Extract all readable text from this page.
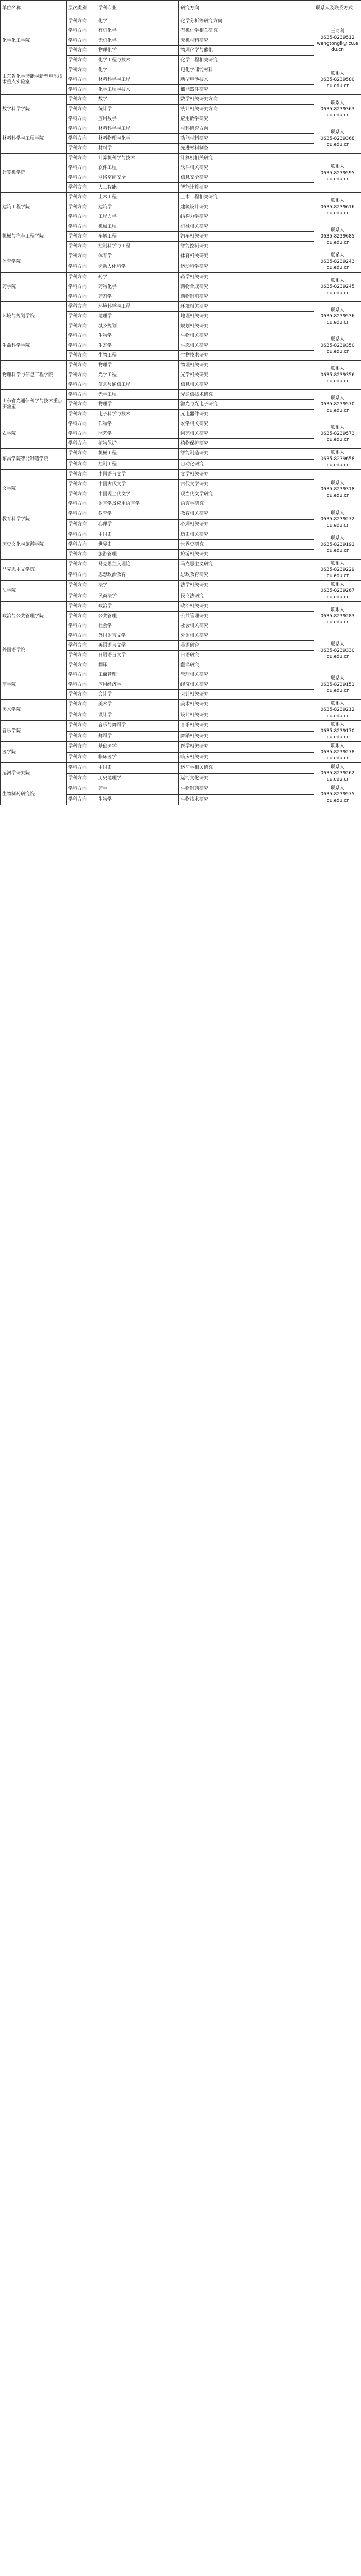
单位名称	层次类别	学科专业	研究方向	联系人及联系方式
化学化工学院	学科方向	化学	化学分析等研究方向	王同利
0635-8239512
wangtongli@lcu.edu.cn
	学科方向	有机化学	有机化学相关研究	
	学科方向	无机化学	无机材料研究	
	学科方向	物理化学	物理化学与催化	
	学科方向	化学工程与技术	化学工程相关研究	
山东省化学储能与新型电池技术重点实验室	学科方向	化学	电化学储能材料	联系人
0635-8239580
lcu.edu.cn
	学科方向	材料科学与工程	新型电池技术	
	学科方向	化学工程与技术	储能器件研究	
数学科学学院	学科方向	数学	数学相关研究方向	联系人
0635-8239363
lcu.edu.cn
	学科方向	统计学	统计相关研究方向	
	学科方向	应用数学	应用数学研究	
材料科学与工程学院	学科方向	材料科学与工程	材料研究方向	联系人
0635-8239368
lcu.edu.cn
	学科方向	材料物理与化学	功能材料研究	
	学科方向	材料学	先进材料制备	
计算机学院	学科方向	计算机科学与技术	计算机相关研究	联系人
0635-8239595
lcu.edu.cn
	学科方向	软件工程	软件相关研究	
	学科方向	网络空间安全	信息安全研究	
	学科方向	人工智能	智能计算研究	
建筑工程学院	学科方向	土木工程	土木工程相关研究	联系人
0635-8239616
lcu.edu.cn
	学科方向	建筑学	建筑设计研究	
	学科方向	工程力学	结构力学研究	
机械与汽车工程学院	学科方向	机械工程	机械相关研究	联系人
0635-8239685
lcu.edu.cn
	学科方向	车辆工程	汽车相关研究	
	学科方向	控制科学与工程	智能控制研究	
体育学院	学科方向	体育学	体育相关研究	联系人
0635-8239243
lcu.edu.cn
	学科方向	运动人体科学	运动科学研究	
药学院	学科方向	药学	药学相关研究	联系人
0635-8239245
lcu.edu.cn
	学科方向	药物化学	药物合成研究	
	学科方向	药剂学	药物制剂研究	
环境与规划学院	学科方向	环境科学与工程	环境相关研究	联系人
0635-8239536
lcu.edu.cn
	学科方向	地理学	地理相关研究	
	学科方向	城乡规划	规划相关研究	
生命科学学院	学科方向	生物学	生物相关研究	联系人
0635-8239350
lcu.edu.cn
	学科方向	生态学	生态相关研究	
	学科方向	生物工程	生物技术研究	
物理科学与信息工程学院	学科方向	物理学	物理相关研究	联系人
0635-8239356
lcu.edu.cn
	学科方向	光学工程	光学相关研究	
	学科方向	信息与通信工程	信息相关研究	
山东省光通信科学与技术重点实验室	学科方向	光学工程	光通信技术研究	联系人
0635-8239570
lcu.edu.cn
	学科方向	物理学	激光与光电子研究	
	学科方向	电子科学与技术	光电器件研究	
农学院	学科方向	作物学	农学相关研究	联系人
0635-8239573
lcu.edu.cn
	学科方向	园艺学	园艺相关研究	
	学科方向	植物保护	植物保护研究	
东昌学院智能制造学院	学科方向	机械工程	智能制造研究	联系人
0635-8239658
lcu.edu.cn
	学科方向	控制工程	自动化研究	
文学院	学科方向	中国语言文学	文学相关研究	联系人
0635-8239318
lcu.edu.cn
	学科方向	中国古代文学	古代文学研究	
	学科方向	中国现当代文学	现当代文学研究	
	学科方向	语言学及应用语言学	语言学研究	
教育科学学院	学科方向	教育学	教育相关研究	联系人
0635-8239272
lcu.edu.cn
	学科方向	心理学	心理相关研究	
历史文化与旅游学院	学科方向	中国史	历史相关研究	联系人
0635-8239191
lcu.edu.cn
	学科方向	世界史	世界史研究	
	学科方向	旅游管理	旅游相关研究	
马克思主义学院	学科方向	马克思主义理论	马克思主义研究	联系人
0635-8239229
lcu.edu.cn
	学科方向	思想政治教育	思政教育研究	
法学院	学科方向	法学	法学相关研究	联系人
0635-8239267
lcu.edu.cn
	学科方向	民商法学	民商法研究	
政治与公共管理学院	学科方向	政治学	政治相关研究	联系人
0635-8239283
lcu.edu.cn
	学科方向	公共管理	公共管理研究	
	学科方向	社会学	社会相关研究	
外国语学院	学科方向	外国语言文学	外语相关研究	联系人
0635-8239330
lcu.edu.cn
	学科方向	英语语言文学	英语研究	
	学科方向	日语语言文学	日语研究	
	学科方向	翻译	翻译研究	
商学院	学科方向	工商管理	管理相关研究	联系人
0635-8239151
lcu.edu.cn
	学科方向	应用经济学	经济相关研究	
	学科方向	会计学	会计相关研究	
美术学院	学科方向	美术学	美术相关研究	联系人
0635-8239212
lcu.edu.cn
	学科方向	设计学	设计相关研究	
音乐学院	学科方向	音乐与舞蹈学	音乐相关研究	联系人
0635-8239170
lcu.edu.cn
	学科方向	舞蹈学	舞蹈相关研究	
医学院	学科方向	基础医学	医学相关研究	联系人
0635-8239278
lcu.edu.cn
	学科方向	临床医学	临床相关研究	
运河学研究院	学科方向	中国史	运河学相关研究	联系人
0635-8239262
lcu.edu.cn
	学科方向	历史地理学	运河文化研究	
生物制药研究院	学科方向	药学	生物制药研究	联系人
0635-8239575
lcu.edu.cn
	学科方向	生物学	生物技术研究	
